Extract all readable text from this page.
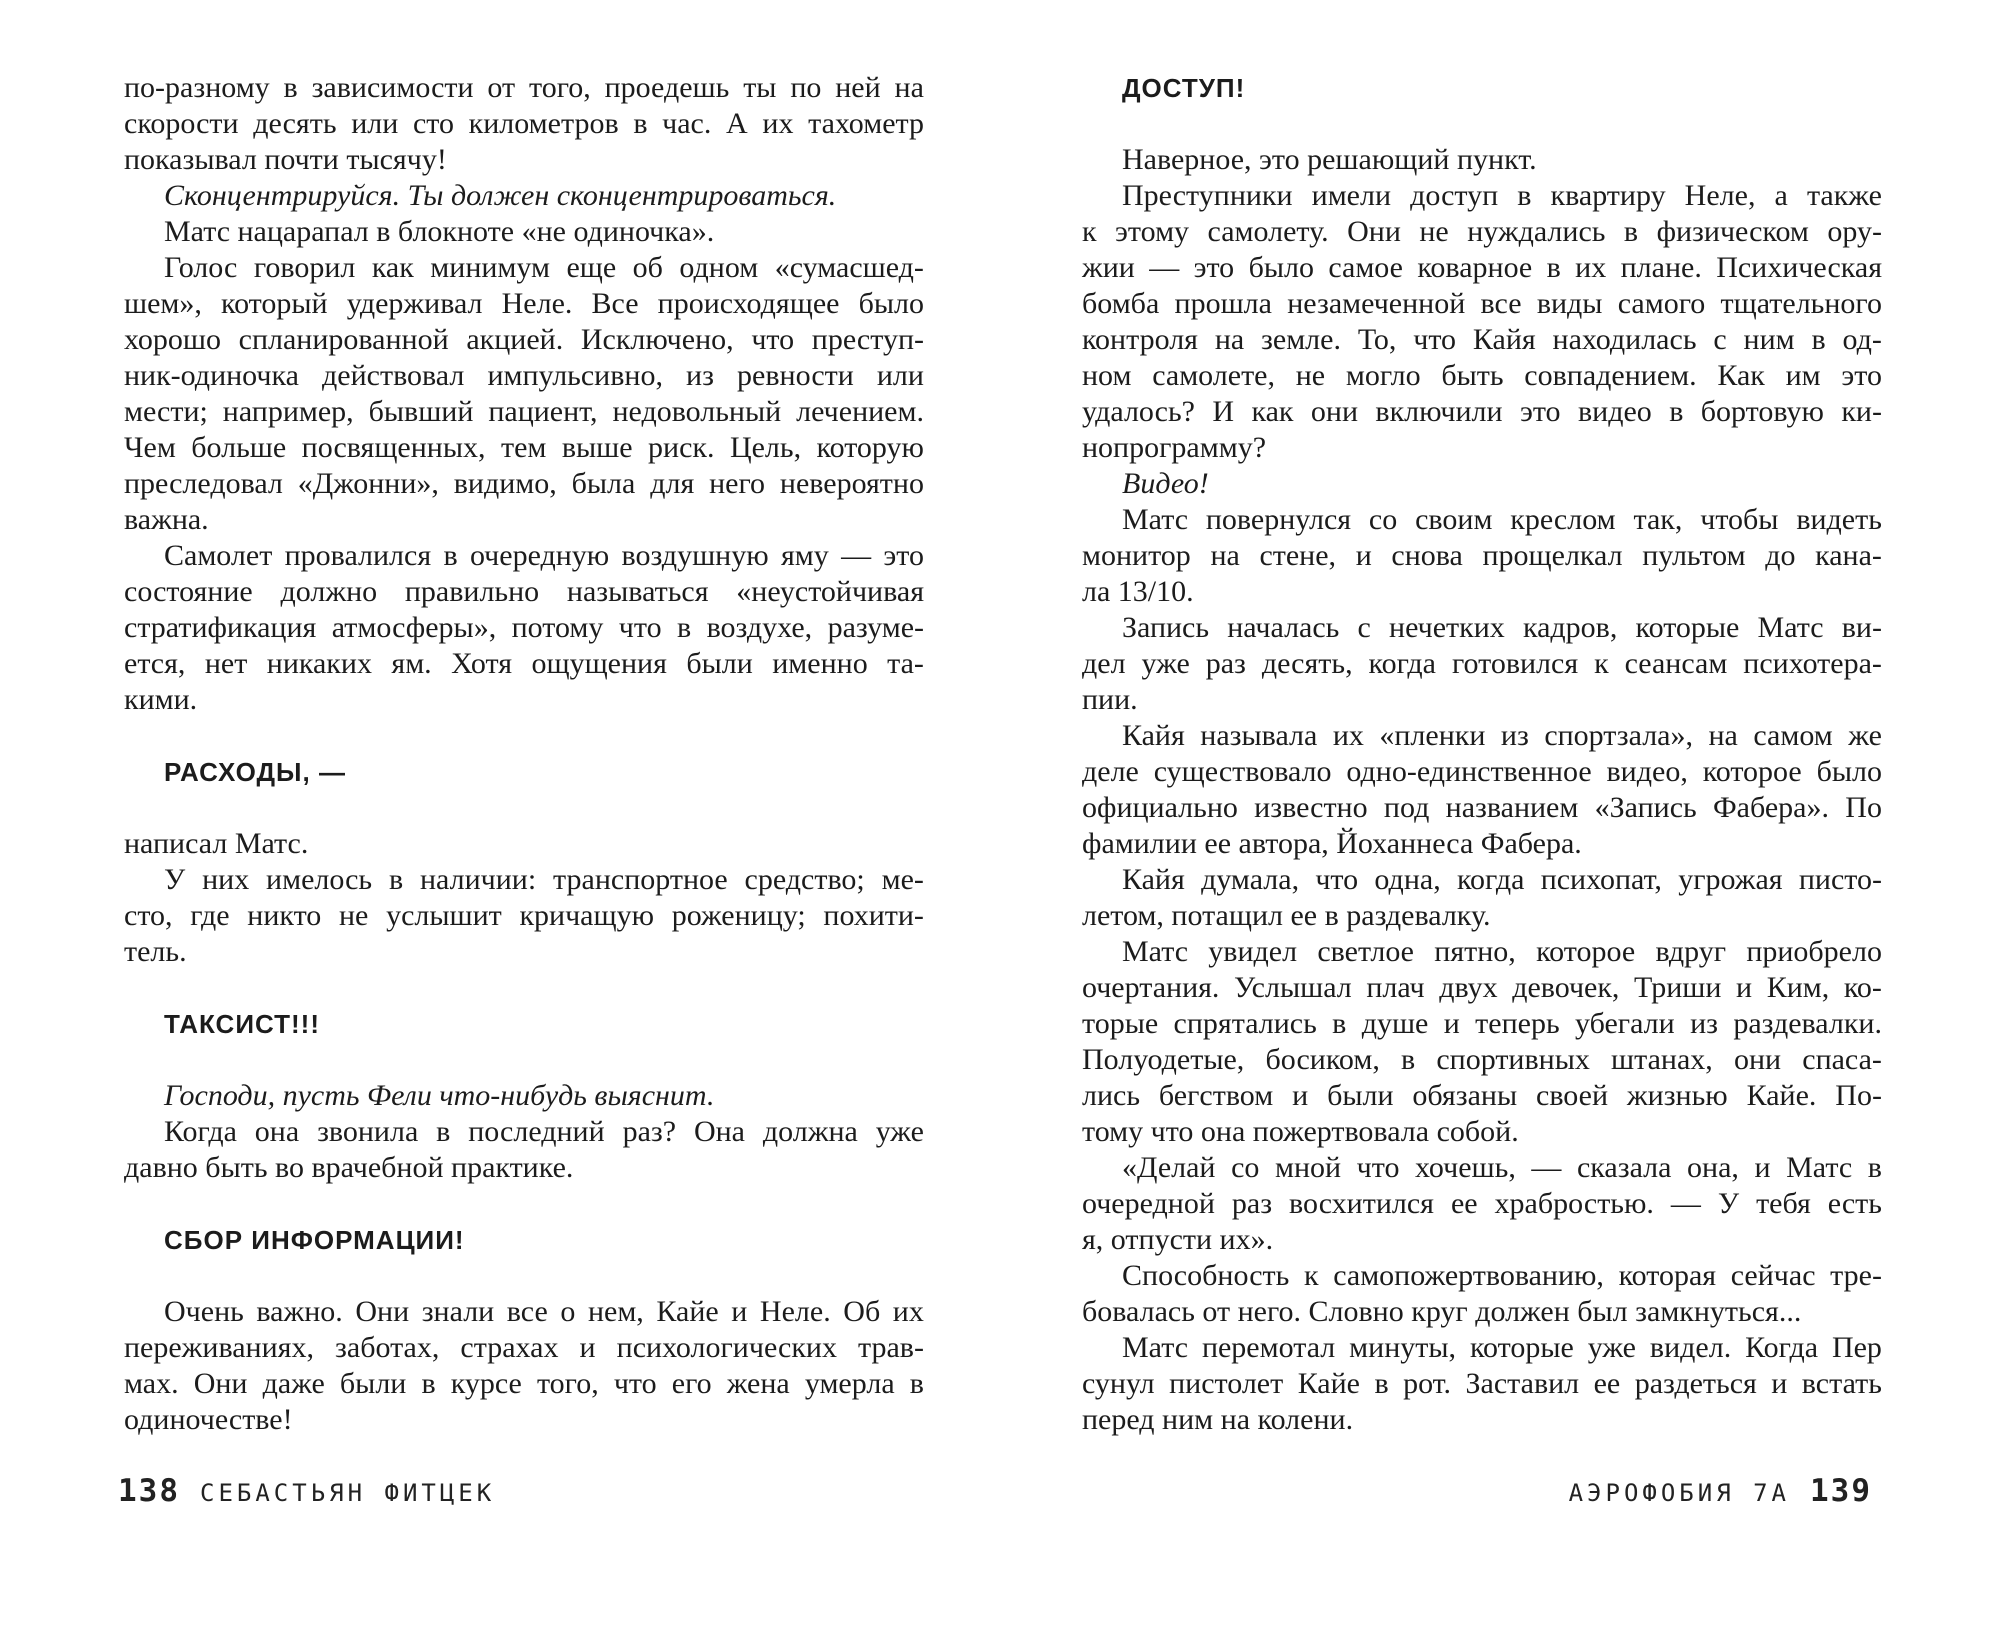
по-разному в зависимости от того, проедешь ты по ней на
скорости десять или сто километров в час. А их тахометр
показывал почти тысячу!
Сконцентрируйся. Ты должен сконцентрироваться.
Матс нацарапал в блокноте «не одиночка».
Голос говорил как минимум еще об одном «сумасшед-
шем», который удерживал Неле. Все происходящее было
хорошо спланированной акцией. Исключено, что преступ-
ник-одиночка действовал импульсивно, из ревности или
мести; например, бывший пациент, недовольный лечением.
Чем больше посвященных, тем выше риск. Цель, которую
преследовал «Джонни», видимо, была для него невероятно
важна.
Самолет провалился в очередную воздушную яму — это
состояние должно правильно называться «неустойчивая
стратификация атмосферы», потому что в воздухе, разуме-
ется, нет никаких ям. Хотя ощущения были именно та-
кими.
РАСХОДЫ, —
написал Матс.
У них имелось в наличии: транспортное средство; ме-
сто, где никто не услышит кричащую роженицу; похити-
тель.
ТАКСИСТ!!!
Господи, пусть Фели что-нибудь выяснит.
Когда она звонила в последний раз? Она должна уже
давно быть во врачебной практике.
СБОР ИНФОРМАЦИИ!
Очень важно. Они знали все о нем, Кайе и Неле. Об их
переживаниях, заботах, страхах и психологических трав-
мах. Они даже были в курсе того, что его жена умерла в
одиночестве!
ДОСТУП!
Наверное, это решающий пункт.
Преступники имели доступ в квартиру Неле, а также
к этому самолету. Они не нуждались в физическом ору-
жии — это было самое коварное в их плане. Психическая
бомба прошла незамеченной все виды самого тщательного
контроля на земле. То, что Кайя находилась с ним в од-
ном самолете, не могло быть совпадением. Как им это
удалось? И как они включили это видео в бортовую ки-
нопрограмму?
Видео!
Матс повернулся со своим креслом так, чтобы видеть
монитор на стене, и снова прощелкал пультом до кана-
ла 13/10.
Запись началась с нечетких кадров, которые Матс ви-
дел уже раз десять, когда готовился к сеансам психотера-
пии.
Кайя называла их «пленки из спортзала», на самом же
деле существовало одно-единственное видео, которое было
официально известно под названием «Запись Фабера». По
фамилии ее автора, Йоханнеса Фабера.
Кайя думала, что одна, когда психопат, угрожая писто-
летом, потащил ее в раздевалку.
Матс увидел светлое пятно, которое вдруг приобрело
очертания. Услышал плач двух девочек, Триши и Ким, ко-
торые спрятались в душе и теперь убегали из раздевалки.
Полуодетые, босиком, в спортивных штанах, они спаса-
лись бегством и были обязаны своей жизнью Кайе. По-
тому что она пожертвовала собой.
«Делай со мной что хочешь, — сказала она, и Матс в
очередной раз восхитился ее храбростью. — У тебя есть
я, отпусти их».
Способность к самопожертвованию, которая сейчас тре-
бовалась от него. Словно круг должен был замкнуться...
Матс перемотал минуты, которые уже видел. Когда Пер
сунул пистолет Кайе в рот. Заставил ее раздеться и встать
перед ним на колени.
138 СЕБАСТЬЯН ФИТЦЕК	АЭРОФОБИЯ 7А 139
